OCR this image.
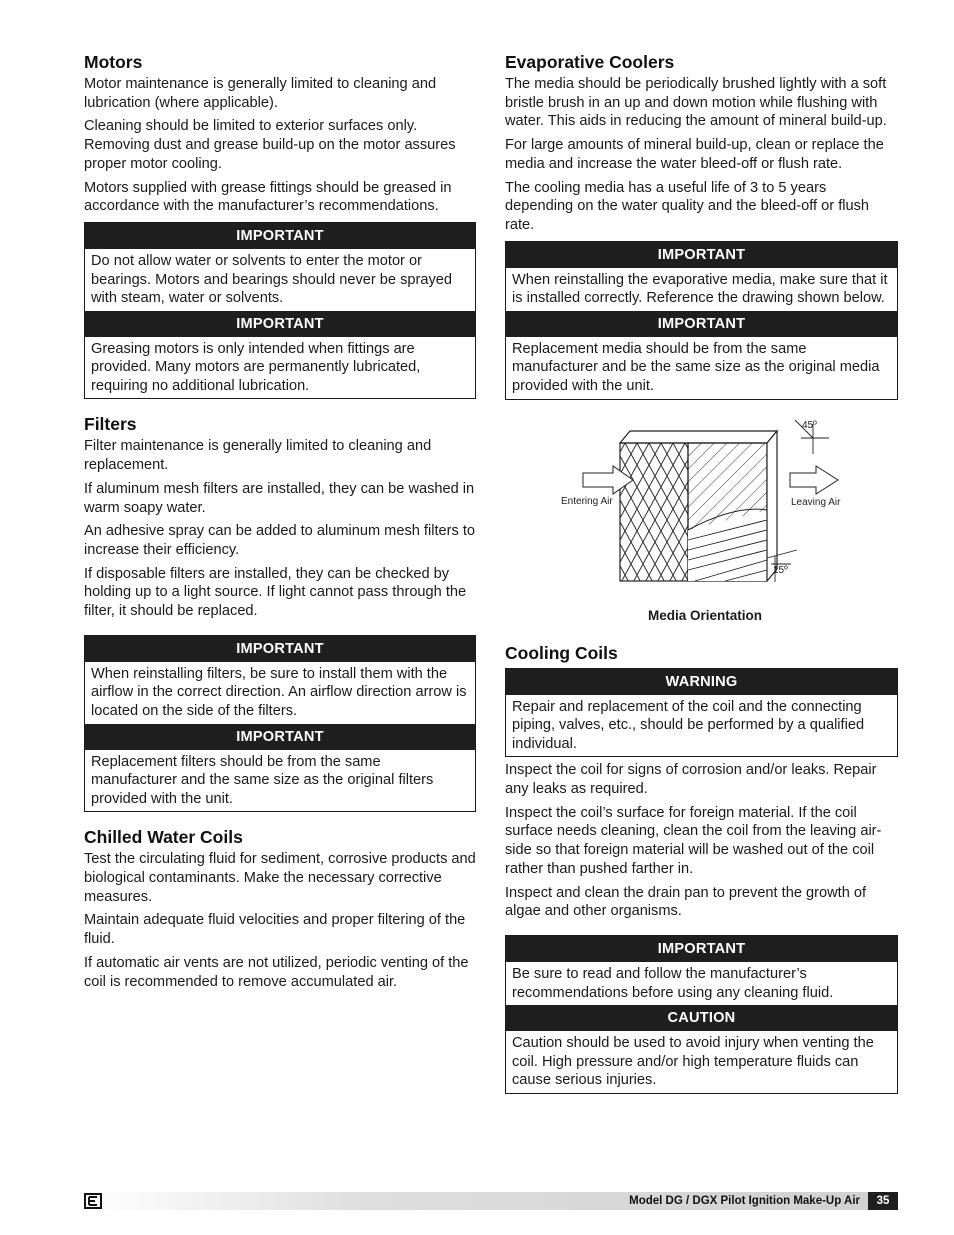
Motors

Motor maintenance is generally limited to cleaning and lubrication (where applicable).

Cleaning should be limited to exterior surfaces only. Removing dust and grease build-up on the motor assures proper motor cooling.

Motors supplied with grease fittings should be greased in accordance with the manufacturer’s recommendations.

IMPORTANT
Do not allow water or solvents to enter the motor or bearings. Motors and bearings should never be sprayed with steam, water or solvents.
IMPORTANT
Greasing motors is only intended when fittings are provided. Many motors are permanently lubricated, requiring no additional lubrication.
Filters

Filter maintenance is generally limited to cleaning and replacement.

If aluminum mesh filters are installed, they can be washed in warm soapy water.

An adhesive spray can be added to aluminum mesh filters to increase their efficiency.

If disposable filters are installed, they can be checked by holding up to a light source. If light cannot pass through the filter, it should be replaced.

IMPORTANT
When reinstalling filters, be sure to install them with the airflow in the correct direction. An airflow direction arrow is located on the side of the filters.
IMPORTANT
Replacement filters should be from the same manufacturer and the same size as the original filters provided with the unit.
Chilled Water Coils

Test the circulating fluid for sediment, corrosive products and biological contaminants. Make the necessary corrective measures.

Maintain adequate fluid velocities and proper filtering of the fluid.

If automatic air vents are not utilized, periodic venting of the coil is recommended to remove accumulated air.

Evaporative Coolers

The media should be periodically brushed lightly with a soft bristle brush in an up and down motion while flushing with water. This aids in reducing the amount of mineral build-up.

For large amounts of mineral build-up, clean or replace the media and increase the water bleed-off or flush rate.

The cooling media has a useful life of 3 to 5 years depending on the water quality and the bleed-off or flush rate.

IMPORTANT
When reinstalling the evaporative media, make sure that it is installed correctly. Reference the drawing shown below.
IMPORTANT
Replacement media should be from the same manufacturer and be the same size as the original media provided with the unit.
Entering Air	Leaving Air
45º
15º
Media Orientation
Cooling Coils
WARNING
Repair and replacement of the coil and the connecting piping, valves, etc., should be performed by a qualified individual.

Inspect the coil for signs of corrosion and/or leaks. Repair any leaks as required.

Inspect the coil’s surface for foreign material. If the coil surface needs cleaning, clean the coil from the leaving air-side so that foreign material will be washed out of the coil rather than pushed farther in.

Inspect and clean the drain pan to prevent the growth of algae and other organisms.

IMPORTANT
Be sure to read and follow the manufacturer’s recommendations before using any cleaning fluid.
CAUTION
Caution should be used to avoid injury when venting the coil. High pressure and/or high temperature fluids can cause serious injuries.
Model DG / DGX Pilot Ignition Make-Up Air	35
